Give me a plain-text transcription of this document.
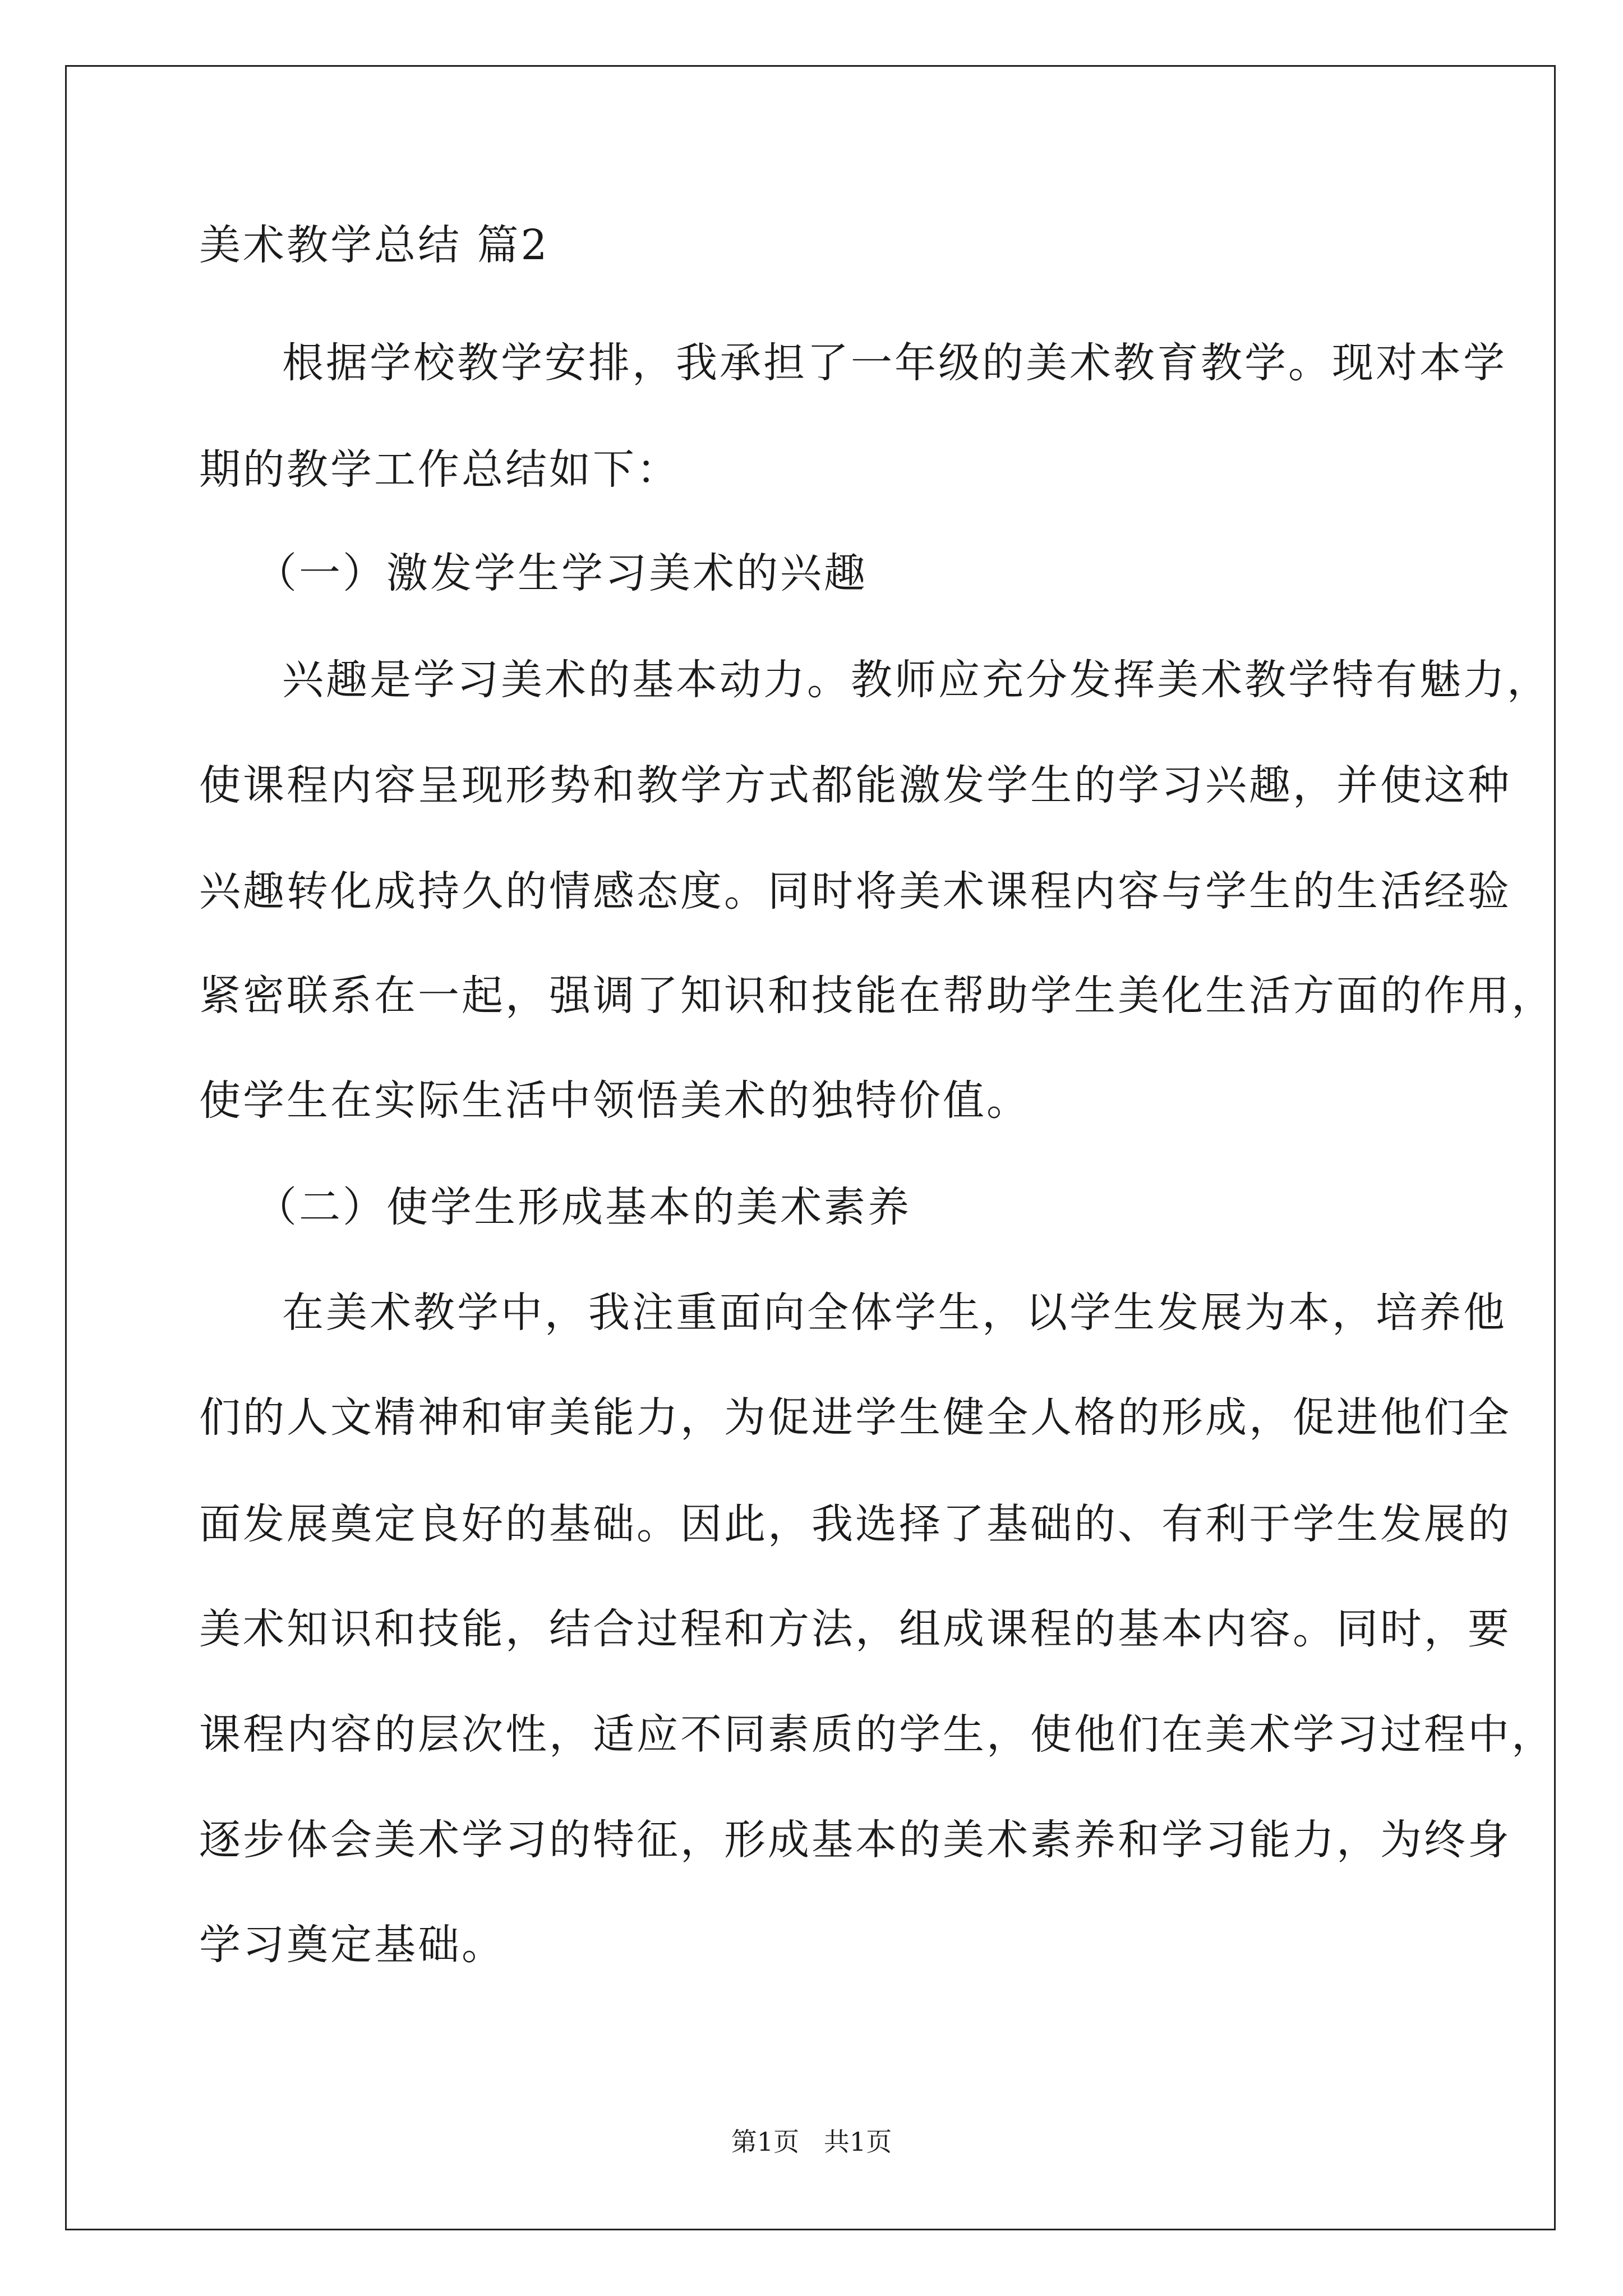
美术教学总结 篇2
根据学校教学安排，我承担了一年级的美术教育教学。现对本学
期的教学工作总结如下：
（一）激发学生学习美术的兴趣
兴趣是学习美术的基本动力。教师应充分发挥美术教学特有魅力，
使课程内容呈现形势和教学方式都能激发学生的学习兴趣，并使这种
兴趣转化成持久的情感态度。同时将美术课程内容与学生的生活经验
紧密联系在一起，强调了知识和技能在帮助学生美化生活方面的作用，
使学生在实际生活中领悟美术的独特价值。
（二）使学生形成基本的美术素养
在美术教学中，我注重面向全体学生，以学生发展为本，培养他
们的人文精神和审美能力，为促进学生健全人格的形成，促进他们全
面发展奠定良好的基础。因此，我选择了基础的、有利于学生发展的
美术知识和技能，结合过程和方法，组成课程的基本内容。同时，要
课程内容的层次性，适应不同素质的学生，使他们在美术学习过程中，
逐步体会美术学习的特征，形成基本的美术素养和学习能力，为终身
学习奠定基础。
第1页   共1页
